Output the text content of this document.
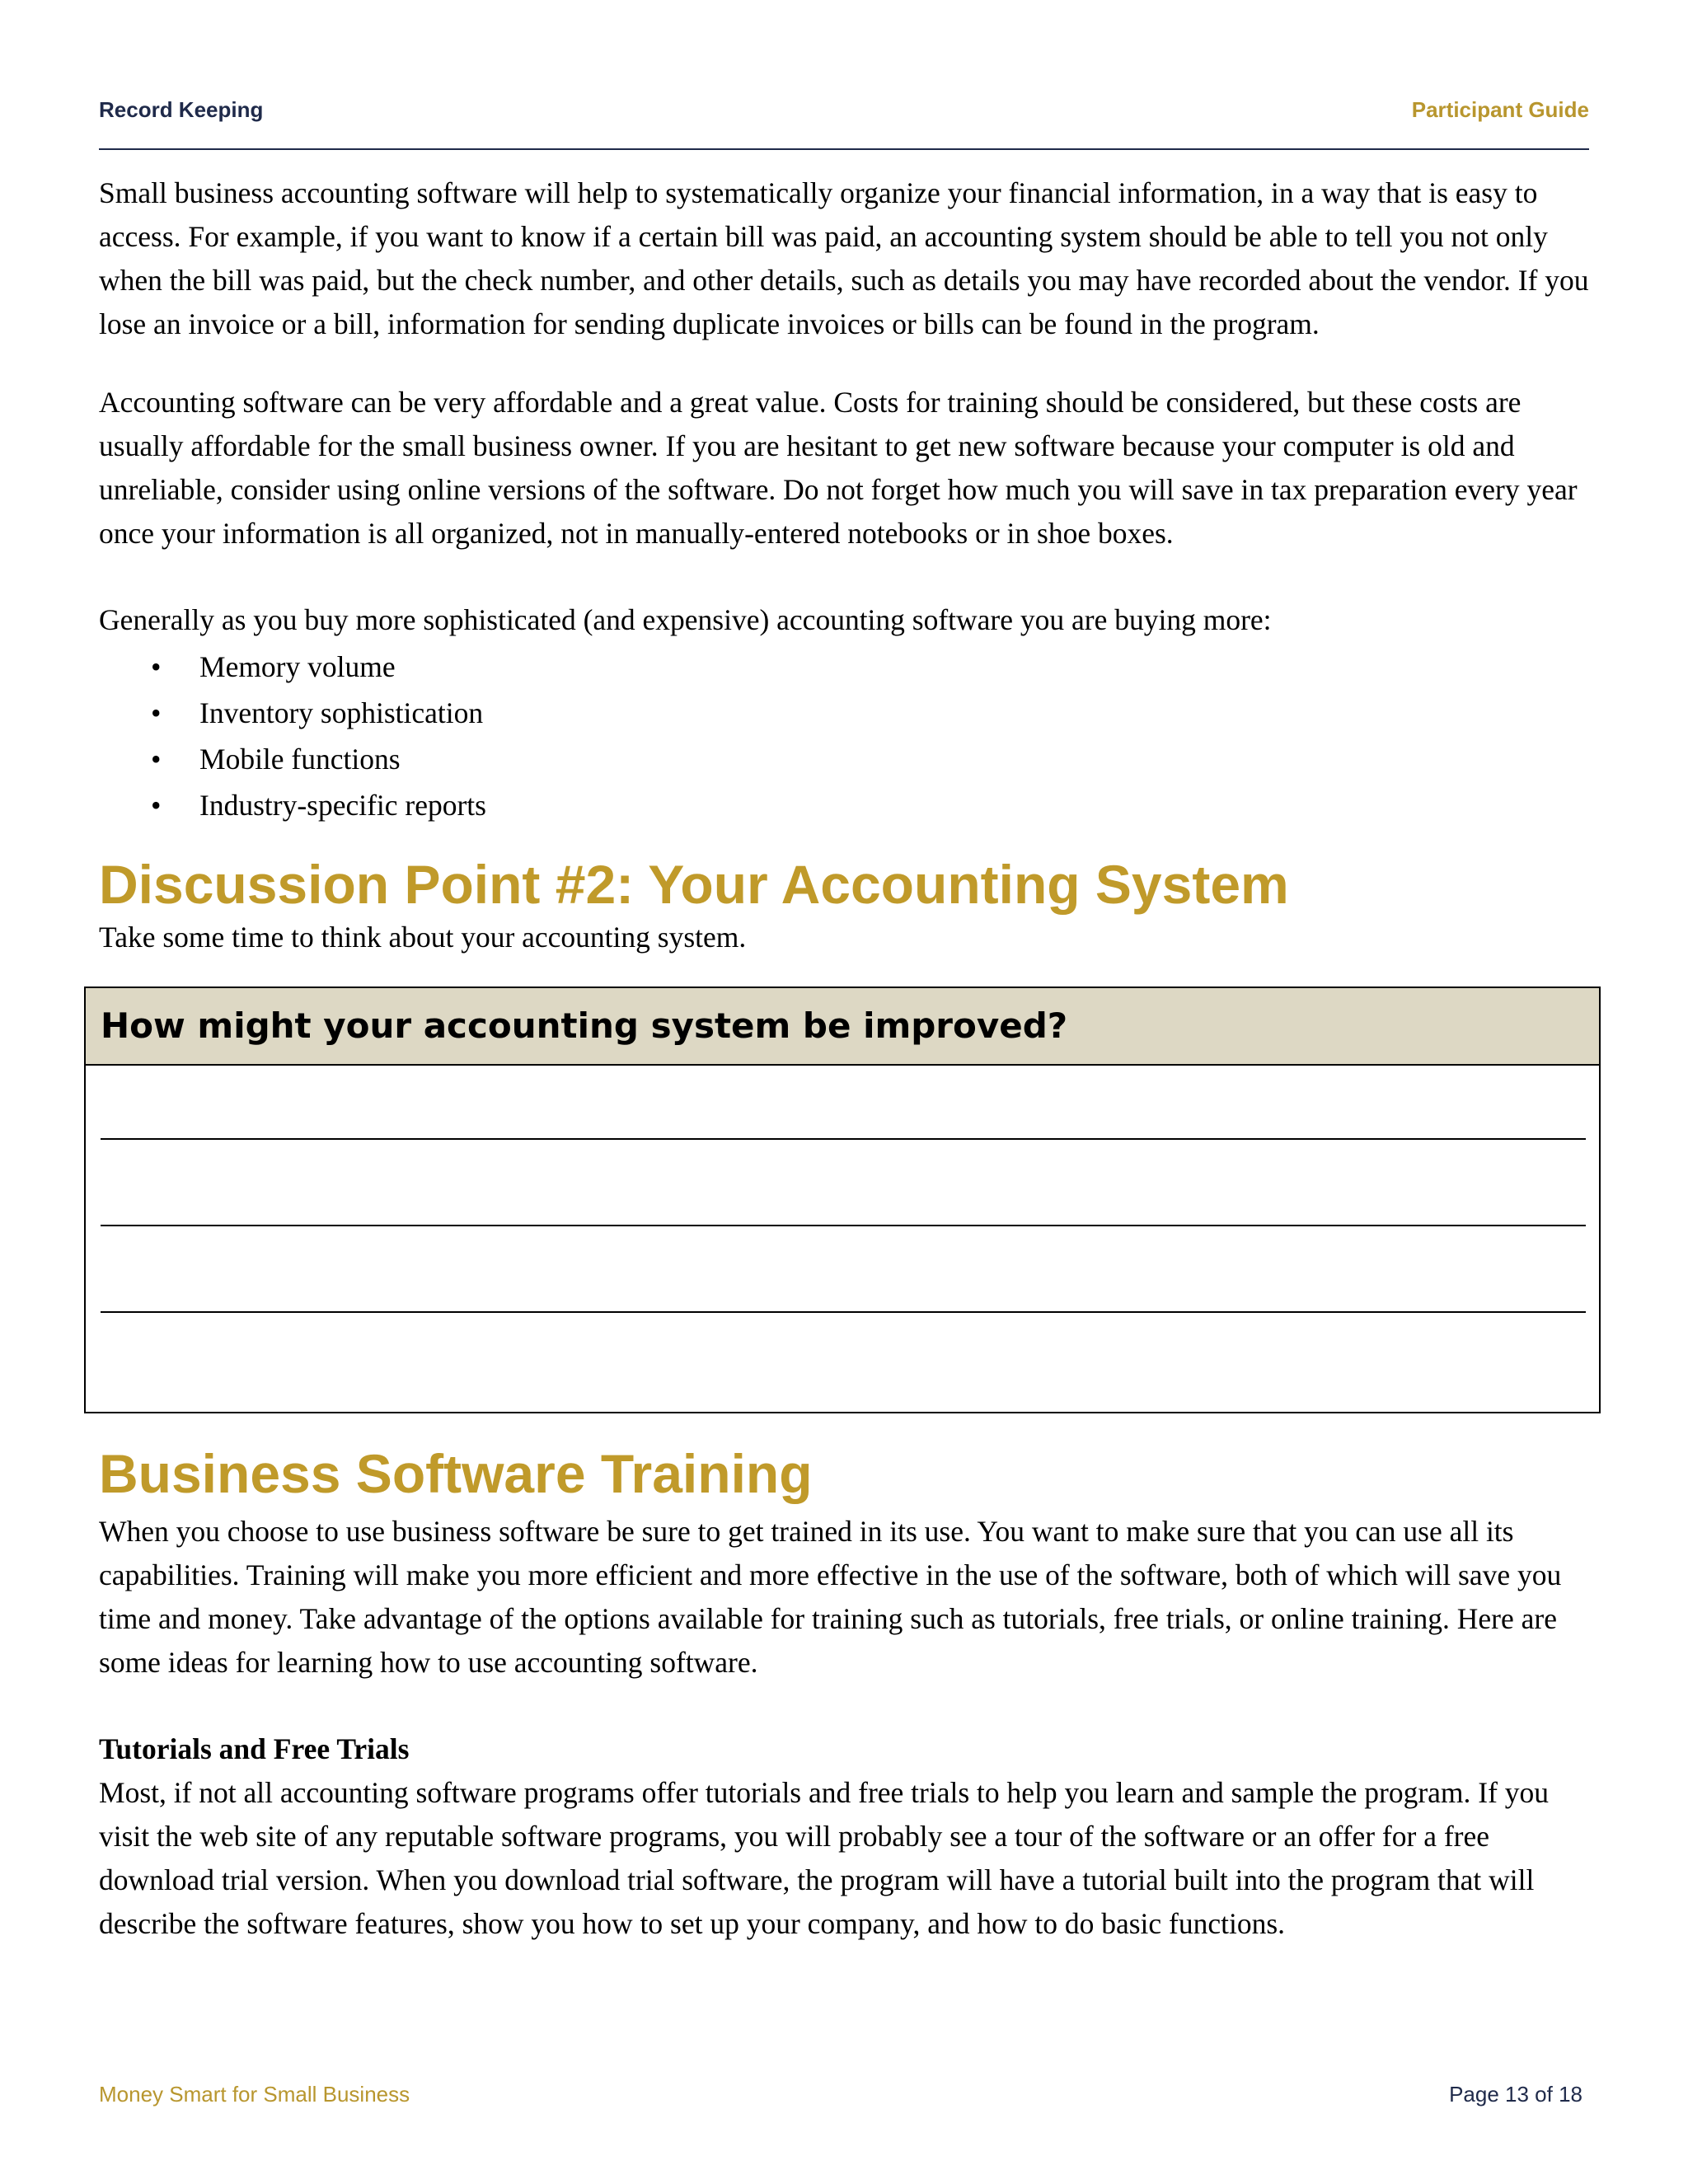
Record Keeping	Participant Guide

Small business accounting software will help to systematically organize your financial information, in a way that is easy to access. For example, if you want to know if a certain bill was paid, an accounting system should be able to tell you not only when the bill was paid, but the check number, and other details, such as details you may have recorded about the vendor. If you lose an invoice or a bill, information for sending duplicate invoices or bills can be found in the program.

Accounting software can be very affordable and a great value. Costs for training should be considered, but these costs are usually affordable for the small business owner. If you are hesitant to get new software because your computer is old and unreliable, consider using online versions of the software. Do not forget how much you will save in tax preparation every year once your information is all organized, not in manually-entered notebooks or in shoe boxes.

Generally as you buy more sophisticated (and expensive) accounting software you are buying more:

• Memory volume
• Inventory sophistication
• Mobile functions
• Industry-specific reports
Discussion Point #2: Your Accounting System

Take some time to think about your accounting system.

How might your accounting system be improved?
Business Software Training

When you choose to use business software be sure to get trained in its use. You want to make sure that you can use all its capabilities. Training will make you more efficient and more effective in the use of the software, both of which will save you time and money. Take advantage of the options available for training such as tutorials, free trials, or online training. Here are some ideas for learning how to use accounting software.

Tutorials and Free Trials

Most, if not all accounting software programs offer tutorials and free trials to help you learn and sample the program. If you visit the web site of any reputable software programs, you will probably see a tour of the software or an offer for a free download trial version. When you download trial software, the program will have a tutorial built into the program that will describe the software features, show you how to set up your company, and how to do basic functions.

Money Smart for Small Business	Page 13 of 18
